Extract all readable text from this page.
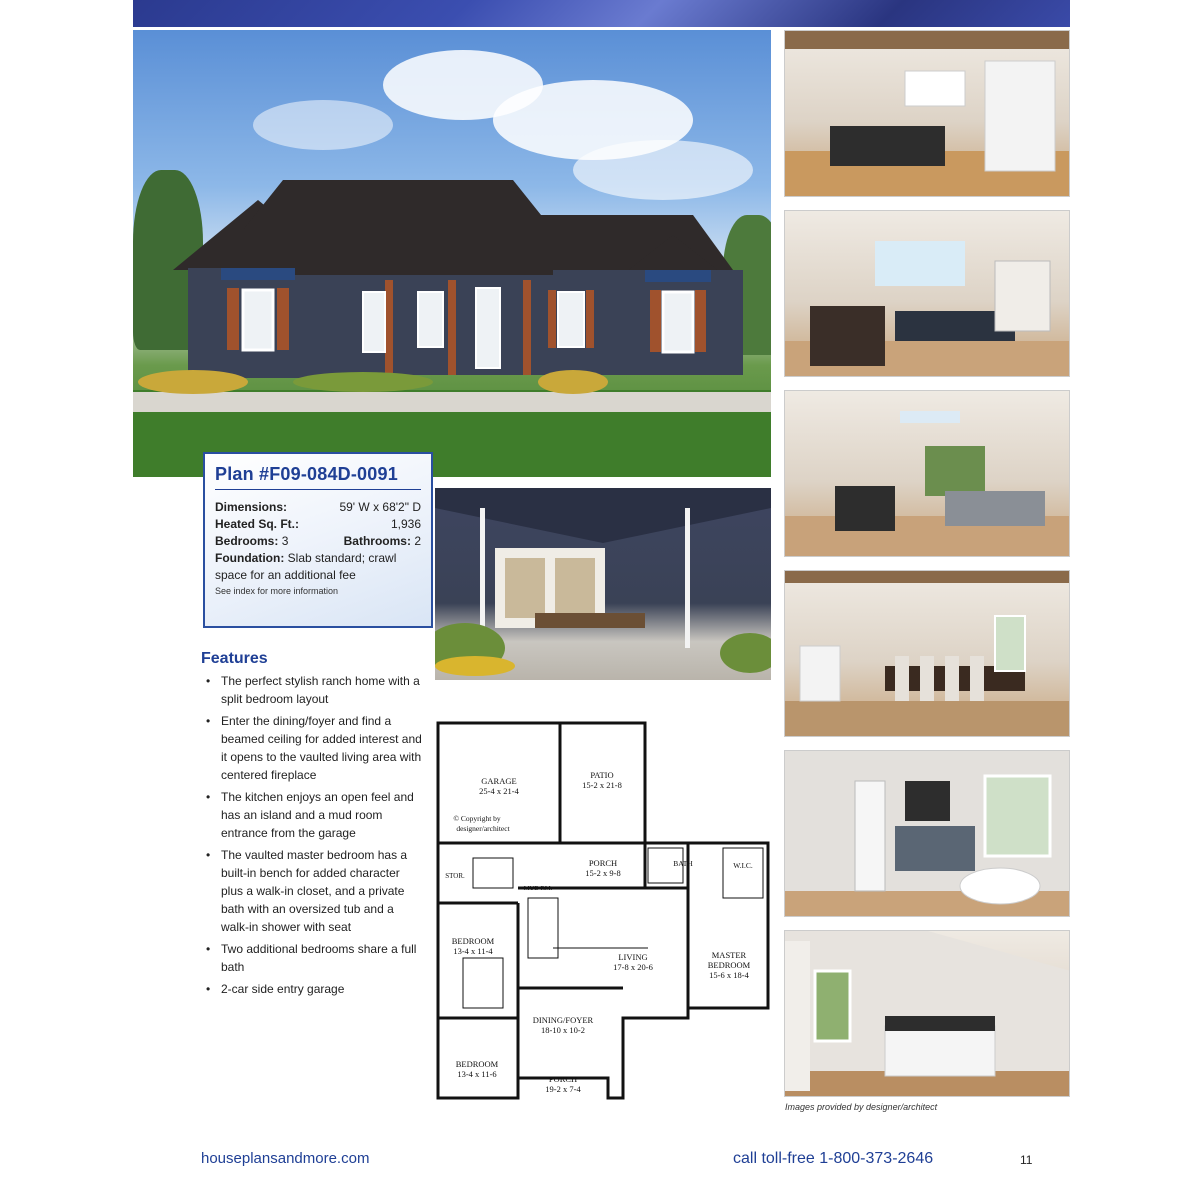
Plan #F09-084D-0091
Dimensions:	59' W x 68'2" D
Heated Sq. Ft.:	1,936
Bedrooms: 3	Bathrooms: 2
Foundation: Slab standard; crawl space for an additional fee
See index for more information
Features
• The perfect stylish ranch home with a split bedroom layout
• Enter the dining/foyer and find a beamed ceiling for added interest and it opens to the vaulted living area with centered fireplace
• The kitchen enjoys an open feel and has an island and a mud room entrance from the garage
• The vaulted master bedroom has a built-in bench for added character plus a walk-in closet, and a private bath with an oversized tub and a walk-in shower with seat
• Two additional bedrooms share a full bath
• 2-car side entry garage
GARAGE
25-4 x 21-4
PATIO
15-2 x 21-8
© Copyright by
designer/architect
PORCH
15-2 x 9-8
BATH	W.I.C.
STOR.
MUD RM.
BEDROOM
13-4 x 11-4
LIVING
17-8 x 20-6
MASTER
BEDROOM
15-6 x 18-4
DINING/FOYER
18-10 x 10-2
BEDROOM
13-4 x 11-6	PORCH
19-2 x 7-4
Images provided by designer/architect
houseplansandmore.com	call toll-free 1-800-373-2646	11
